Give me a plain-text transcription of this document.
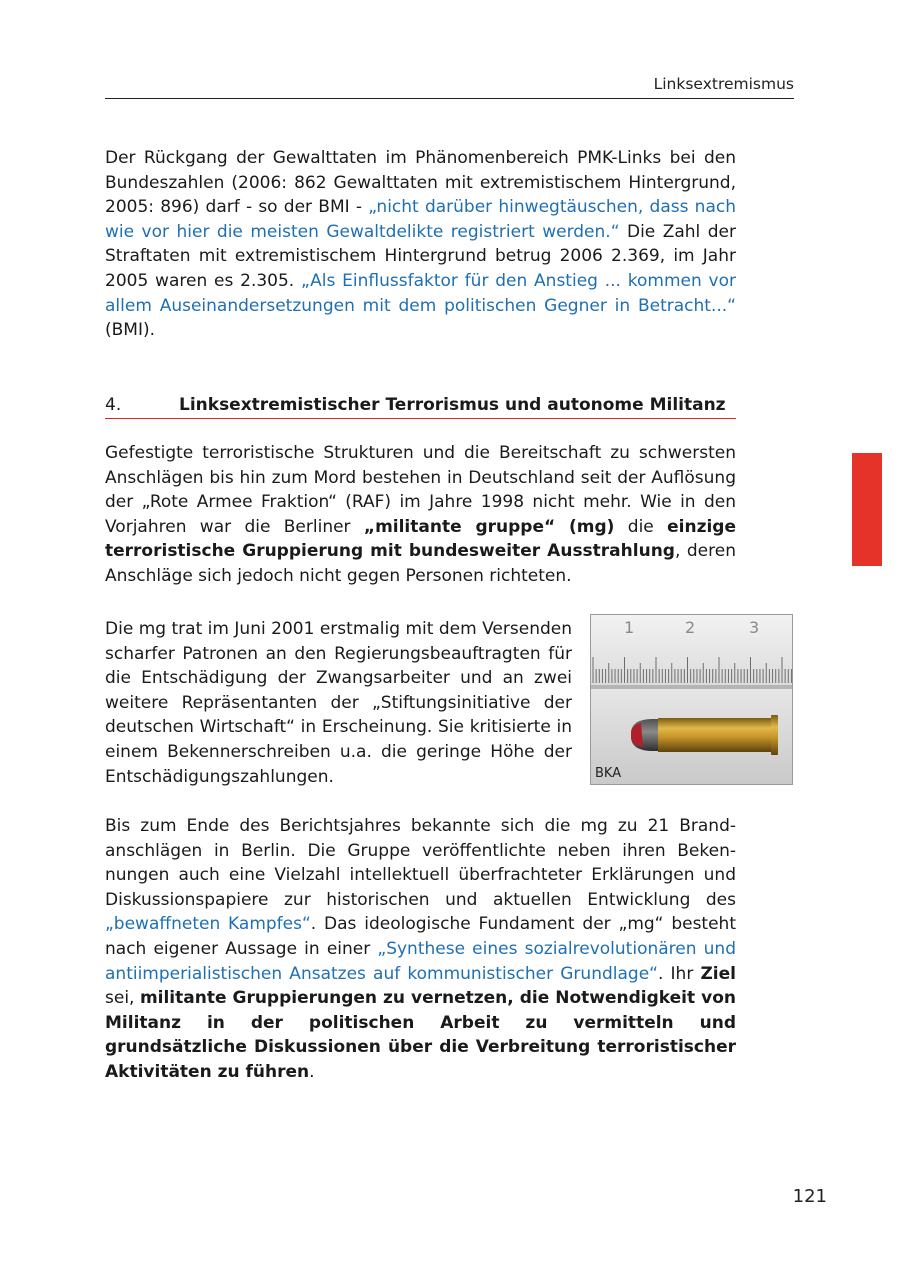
Linksextremismus

Der Rückgang der Gewalttaten im Phänomenbereich PMK-Links bei den Bundeszahlen (2006: 862 Gewalttaten mit extremistischem Hintergrund, 2005: 896) darf - so der BMI - „nicht darüber hinwegtäuschen, dass nach wie vor hier die meisten Gewaltdelikte registriert werden.“ Die Zahl der Straftaten mit extremistischem Hintergrund betrug 2006 2.369, im Jahr 2005 waren es 2.305. „Als Einflussfaktor für den Anstieg ... kommen vor allem Auseinandersetzungen mit dem politischen Gegner in Betracht...“ (BMI).

4.	Linksextremistischer Terrorismus und autonome Militanz

Gefestigte terroristische Strukturen und die Bereitschaft zu schwersten Anschlägen bis hin zum Mord bestehen in Deutschland seit der Auflösung der „Rote Armee Fraktion“ (RAF) im Jahre 1998 nicht mehr. Wie in den Vorjahren war die Berliner „militante gruppe“ (mg) die einzige terroristische Gruppierung mit bundesweiter Ausstrahlung, deren Anschläge sich jedoch nicht gegen Personen richteten.

Die mg trat im Juni 2001 erstmalig mit dem Versenden scharfer Patronen an den Regierungsbeauftragten für die Entschädigung der Zwangsarbeiter und an zwei weitere Repräsentanten der „Stiftungsinitiative der deutschen Wirtschaft“ in Erscheinung. Sie kritisierte in einem Bekennerschreiben u.a. die geringe Höhe der Entschädigungszahlungen.

1	2	3
BKA

Bis zum Ende des Berichtsjahres bekannte sich die mg zu 21 Brandanschlägen in Berlin. Die Gruppe veröffentlichte neben ihren Bekennungen auch eine Vielzahl intellektuell überfrachteter Erklärungen und Diskussionspapiere zur historischen und aktuellen Entwicklung des „bewaffneten Kampfes“. Das ideologische Fundament der „mg“ besteht nach eigener Aussage in einer „Synthese eines sozialrevolutionären und antiimperialistischen Ansatzes auf kommunistischer Grundlage“. Ihr Ziel sei, militante Gruppierungen zu vernetzen, die Notwendigkeit von Militanz in der politischen Arbeit zu vermitteln und grundsätzliche Diskussionen über die Verbreitung terroristischer Aktivitäten zu führen.

121
